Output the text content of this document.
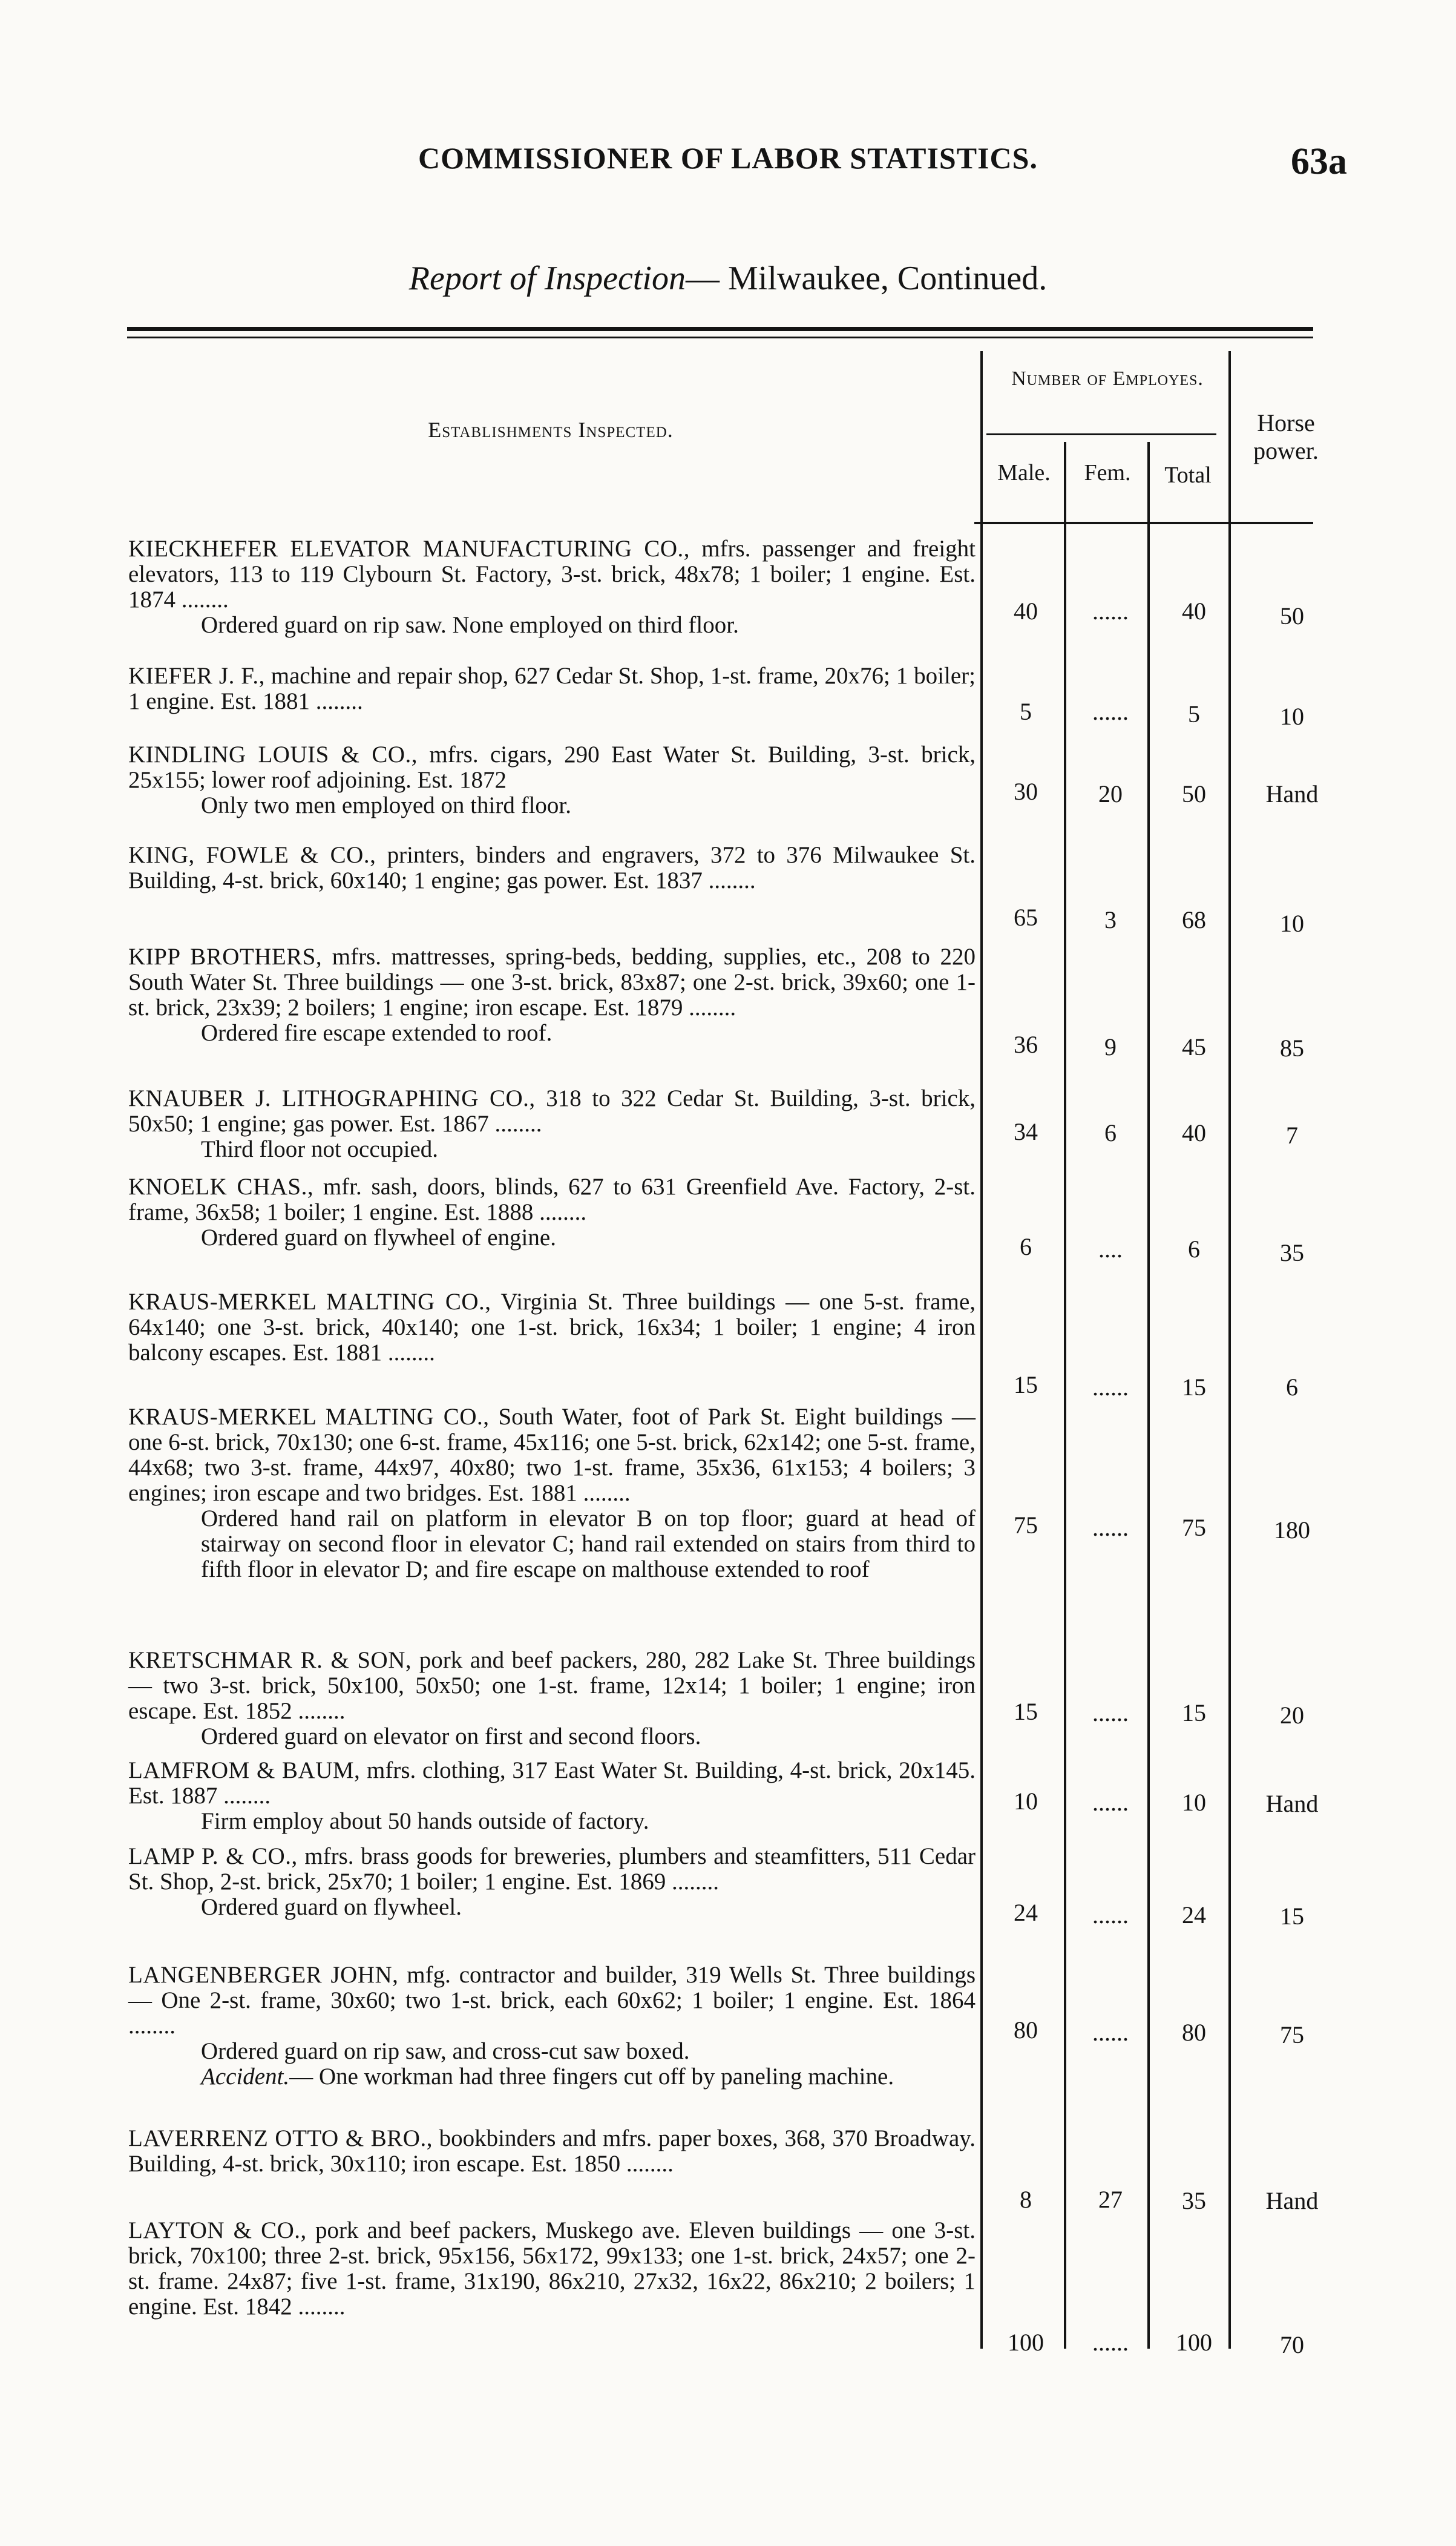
COMMISSIONER OF LABOR STATISTICS.	63a
Report of Inspection— Milwaukee, Continued.
Establishments Inspected.
Number of Employes.
Male.	Fem.	Total
Horse power.

KIECKHEFER ELEVATOR MANUFACTURING CO., mfrs. passenger and freight elevators, 113 to 119 Clybourn St. Factory, 3-st. brick, 48x78; 1 boiler; 1 engine. Est. 1874 .....

Ordered guard on rip saw. None employed on third floor.

40	......	40	50

KIEFER J. F., machine and repair shop, 627 Cedar St. Shop, 1-st. frame, 20x76; 1 boiler; 1 engine. Est. 1881 .....	5	......	5	10

KINDLING LOUIS & CO., mfrs. cigars, 290 East Water St. Building, 3-st. brick, 25x155; lower roof adjoining. Est. 1872

Only two men employed on third floor.

30	20	50	Hand

KING, FOWLE & CO., printers, binders and engravers, 372 to 376 Milwaukee St. Building, 4-st. brick, 60x140; 1 engine; gas power. Est. 1837 .....

65	3	68	10

KIPP BROTHERS, mfrs. mattresses, spring-beds, bedding, supplies, etc., 208 to 220 South Water St. Three buildings — one 3-st. brick, 83x87; one 2-st. brick, 39x60; one 1-st. brick, 23x39; 2 boilers; 1 engine; iron escape. Est. 1879 .....

Ordered fire escape extended to roof.	36	9	45	85

KNAUBER J. LITHOGRAPHING CO., 318 to 322 Cedar St. Building, 3-st. brick, 50x50; 1 engine; gas power. Est. 1867 .....

Third floor not occupied.

34	6	40	7

KNOELK CHAS., mfr. sash, doors, blinds, 627 to 631 Greenfield Ave. Factory, 2-st. frame, 36x58; 1 boiler; 1 engine. Est. 1888 .....

Ordered guard on flywheel of engine.	6	....	6	35

KRAUS-MERKEL MALTING CO., Virginia St. Three buildings — one 5-st. frame, 64x140; one 3-st. brick, 40x140; one 1-st. brick, 16x34; 1 boiler; 1 engine; 4 iron balcony escapes. Est. 1881 .....

15	......	15	6

KRAUS-MERKEL MALTING CO., South Water, foot of Park St. Eight buildings — one 6-st. brick, 70x130; one 6-st. frame, 45x116; one 5-st. brick, 62x142; one 5-st. frame, 44x68; two 3-st. frame, 44x97, 40x80; two 1-st. frame, 35x36, 61x153; 4 boilers; 3 engines; iron escape and two bridges. Est. 1881 .....

Ordered hand rail on platform in elevator B on top floor; guard at head of stairway on second floor in elevator C; hand rail extended on stairs from third to fifth floor in elevator D; and fire escape on malthouse extended to roof

75	......	75	180

KRETSCHMAR R. & SON, pork and beef packers, 280, 282 Lake St. Three buildings — two 3-st. brick, 50x100, 50x50; one 1-st. frame, 12x14; 1 boiler; 1 engine; iron escape. Est. 1852 .....

Ordered guard on elevator on first and second floors.

15	......	15	20

LAMFROM & BAUM, mfrs. clothing, 317 East Water St. Building, 4-st. brick, 20x145. Est. 1887 .....

Firm employ about 50 hands outside of factory.

10	......	10	Hand

LAMP P. & CO., mfrs. brass goods for breweries, plumbers and steamfitters, 511 Cedar St. Shop, 2-st. brick, 25x70; 1 boiler; 1 engine. Est. 1869 .....

Ordered guard on flywheel.	24	......	24	15

LANGENBERGER JOHN, mfg. contractor and builder, 319 Wells St. Three buildings — One 2-st. frame, 30x60; two 1-st. brick, each 60x62; 1 boiler; 1 engine. Est. 1864 .....

Ordered guard on rip saw, and cross-cut saw boxed.

Accident.— One workman had three fingers cut off by paneling machine.

80	......	80	75

LAVERRENZ OTTO & BRO., bookbinders and mfrs. paper boxes, 368, 370 Broadway. Building, 4-st. brick, 30x110; iron escape. Est. 1850 .....

8	27	35	Hand

LAYTON & CO., pork and beef packers, Muskego ave. Eleven buildings — one 3-st. brick, 70x100; three 2-st. brick, 95x156, 56x172, 99x133; one 1-st. brick, 24x57; one 2-st. frame. 24x87; five 1-st. frame, 31x190, 86x210, 27x32, 16x22, 86x210; 2 boilers; 1 engine. Est. 1842 .....

100	......	100	70
